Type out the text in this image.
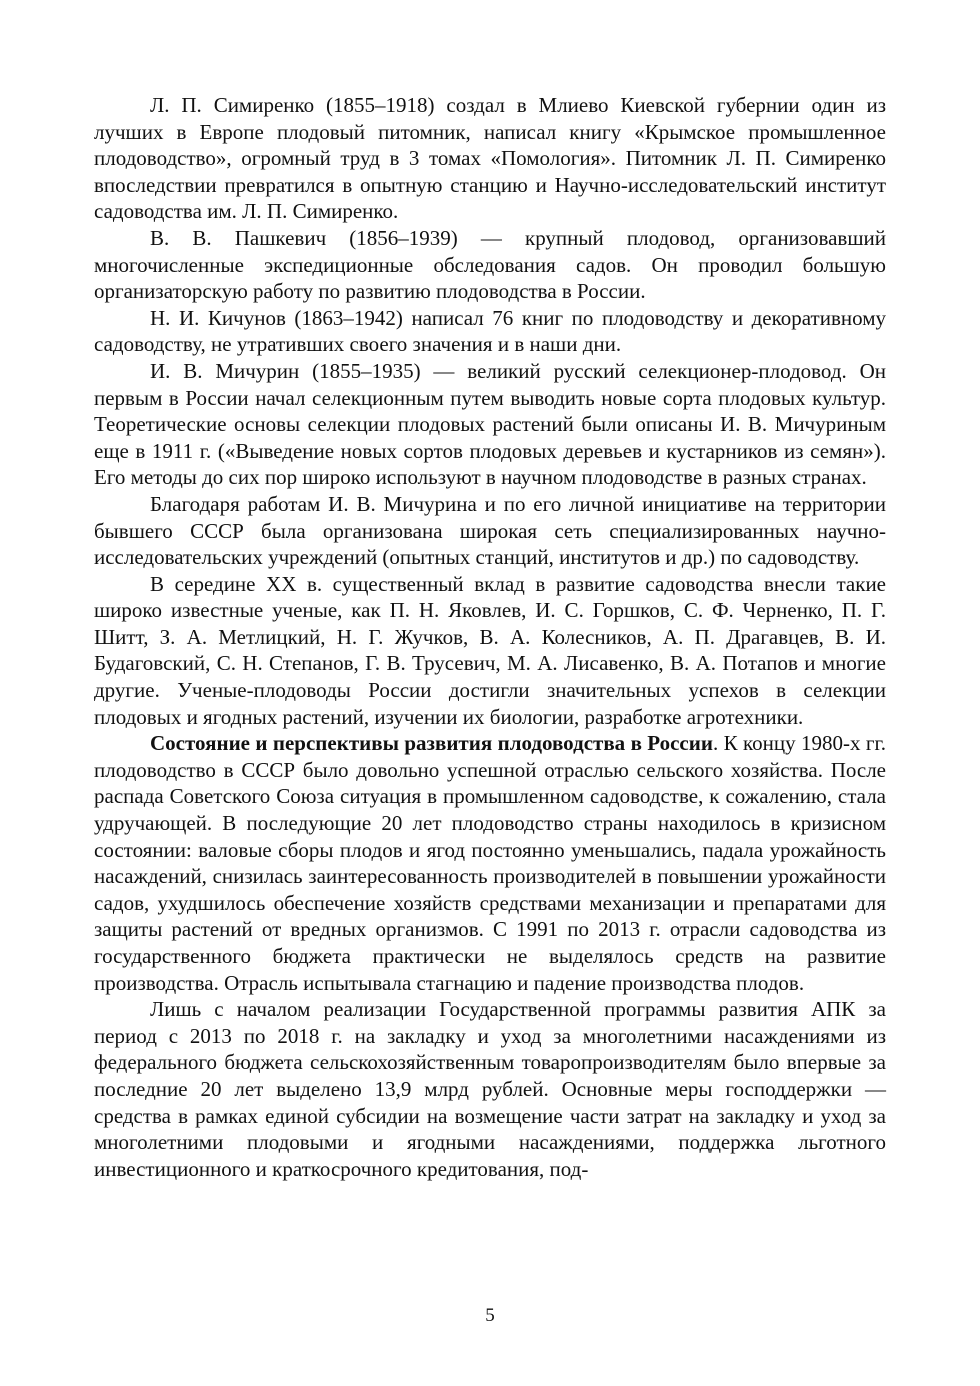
Л. П. Симиренко (1855–1918) создал в Млиево Киевской губернии один из лучших в Европе плодовый питомник, написал книгу «Крымское промышленное плодоводство», огромный труд в 3 томах «Помология». Питомник Л. П. Симиренко впоследствии превратился в опытную станцию и Научно-исследовательский институт садоводства им. Л. П. Симиренко.

В. В. Пашкевич (1856–1939) — крупный плодовод, организовавший многочисленные экспедиционные обследования садов. Он проводил большую организаторскую работу по развитию плодоводства в России.

Н. И. Кичунов (1863–1942) написал 76 книг по плодоводству и декоративному садоводству, не утративших своего значения и в наши дни.

И. В. Мичурин (1855–1935) — великий русский селекционер-плодовод. Он первым в России начал селекционным путем выводить новые сорта плодовых культур. Теоретические основы селекции плодовых растений были описаны И. В. Мичуриным еще в 1911 г. («Выведение новых сортов плодовых деревьев и кустарников из семян»). Его методы до сих пор широко используют в научном плодоводстве в разных странах.

Благодаря работам И. В. Мичурина и по его личной инициативе на территории бывшего СССР была организована широкая сеть специализированных научно-исследовательских учреждений (опытных станций, институтов и др.) по садоводству.

В середине XX в. существенный вклад в развитие садоводства внесли такие широко известные ученые, как П. Н. Яковлев, И. С. Горшков, С. Ф. Черненко, П. Г. Шитт, З. А. Метлицкий, Н. Г. Жучков, В. А. Колесников, А. П. Драгавцев, В. И. Будаговский, С. Н. Степанов, Г. В. Трусевич, М. А. Лисавенко, В. А. Потапов и многие другие. Ученые-плодоводы России достигли значительных успехов в селекции плодовых и ягодных растений, изучении их биологии, разработке агротехники.

Состояние и перспективы развития плодоводства в России. К концу 1980-х гг. плодоводство в СССР было довольно успешной отраслью сельского хозяйства. После распада Советского Союза ситуация в промышленном садоводстве, к сожалению, стала удручающей. В последующие 20 лет плодоводство страны находилось в кризисном состоянии: валовые сборы плодов и ягод постоянно уменьшались, падала урожайность насаждений, снизилась заинтересованность производителей в повышении урожайности садов, ухудшилось обеспечение хозяйств средствами механизации и препаратами для защиты растений от вредных организмов. С 1991 по 2013 г. отрасли садоводства из государственного бюджета практически не выделялось средств на развитие производства. Отрасль испытывала стагнацию и падение производства плодов.

Лишь с началом реализации Государственной программы развития АПК за период с 2013 по 2018 г. на закладку и уход за многолетними насаждениями из федерального бюджета сельскохозяйственным товаропроизводителям было впервые за последние 20 лет выделено 13,9 млрд рублей. Основные меры господдержки — средства в рамках единой субсидии на возмещение части затрат на закладку и уход за многолетними плодовыми и ягодными насаждениями, поддержка льготного инвестиционного и краткосрочного кредитования, под-

5
